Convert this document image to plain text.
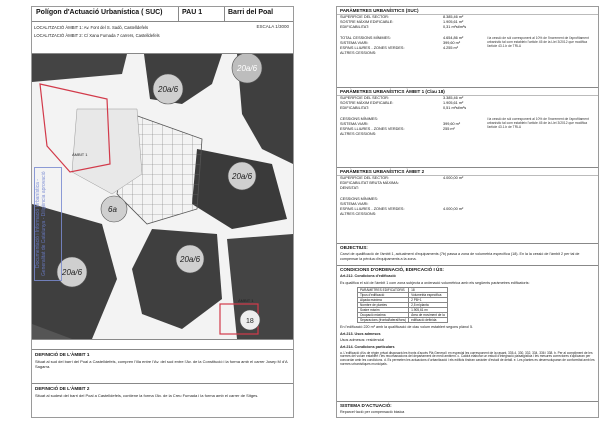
Polígon d'Actuació Urbanística ( SUC)	PAU 1	Barri del Poal
LOCALITZACIÓ ÀMBIT 1: Av. Font del S. Sadó, Castelldefels
LOCALITZACIÓ ÀMBIT 2: C/ Xana Fumada 7 carrers, Castelldefels
ESCALA 1/3000
20a/6
20a/6
6a
20a/6
20a/6
20a/6
18
ÀMBIT 1
ÀMBIT 1
Documentació i Informació Urbanística - Generalitat de Catalunya - Diligència aprovació
DEFINICIÓ DE L'ÀMBIT 1
Situat al sud del barri del Poal a Castelldefels, compren l'illa entre l'Av. del sud entre l'Av. de la Constitució i la forma amb el carrer Josep M d'A Sagarra.
DEFINICIÓ DE L'ÀMBIT 2
Situat al sudest del barri del Poal a Castelldefels, contiene la forma l'Av. de la Creu Fumada i la forma amb el carrer de Sitges.
PARÀMETRES URBANÍSTICS (SUC)
SUPERFÍCIE DEL SECTOR:	8.385,46 m²
SOSTRE MÀXIM EDIFICABLE:	1.905,61 m²
EDIFICABILITAT:	0,31 m²st/m²s
TOTAL CESSIONS MÍNIMES:	4.654,86 m²	i la cessió de sòl corresponent al 10% de l'increment de l'aprofitament urbanístic tal com estableix l'article 45 de la Llei 3/2012 que modifica l'article 43.1.b de TRLU
SISTEMA VIARI:	399,60 m²
ESPAIS LLIURES - ZONES VERDES:	4.255 m²
ALTRES CESSIONS:
PARÀMETRES URBANÍSTICS ÀMBIT 1 (Clau 18)
SUPERFÍCIE DEL SECTOR:	3.385,46 m²
SOSTRE MÀXIM EDIFICABLE:	1.905,61 m²
EDIFICABILITAT:	0,51 m²st/m²s
CESSIONS MÍNIMES:	i la cessió de sòl corresponent al 10% de l'increment de l'aprofitament urbanístic tal com estableix l'article 45 de la Llei 3/2012 que modifica l'article 43.1.b de TRLU
SISTEMA VIARI:	399,60 m²
ESPAIS LLIURES - ZONES VERDES:	255 m²
ALTRES CESSIONS:
PARÀMETRES URBANÍSTICS ÀMBIT 2
SUPERFÍCIE DEL SECTOR:	4.000,00 m²
EDIFICABILITAT BRUTA MÀXIMA:
DENSITAT:
CESSIONS MÍNIMES:
SISTEMA VIARI:
ESPAIS LLIURES - ZONES VERDES:	4.000,00 m²
ALTRES CESSIONS:
OBJECTIUS:
Canvi de qualificació de l'àmbit 1, actualment d'equipaments (7b) passa a zona de volumetria específica (18). En la la cessió de l'àmbit 2 per tal de compensar la pèrdua d'equipaments a la zona.
CONDICIONS D'ORDENACIÓ, EDIFICACIÓ I ÚS:
Art.212. Condicions d'edificació
Es qualifica el sòl de l'àmbit 1 com zona subjecta a ordenació volumètrica amb els següents paràmetres edificatoris:
PARÀMETRES EDIFICATORIS	18
Tipus d'edificació	Volumetria específica
Alçada màxima	2 PB+1
Nombre de plantes	2,5 m/planta
Sostre màxim	1.905,61 m²
Ocupació màxima	Àrea de moviment de la
Separacions (frontal/lateral/fons)	edificació definida
En l'edificació 220 m² amb la qualificació de clau volum establert segons plànol 5.
Art.213. Usos admesos
Usos admesos: residencial
Art.214. Condicions particulars
a. L'edificació d'ús de règim privat disposarà les fronts d'accés Plà General i en especial les corresponent de la rasant, 335-4, 330, 332, 334, 336 i 338. b. Per al compliment de les normes del volum establert i les recomanacions del departament de medi ambient. c. Caldrà elaborar un estudi d'integració paisatgística i les mesures correctores s'aplicaran per concordar amb les condicions. d. Es permeten les actuacions d'urbanització i els edificis tindran caràcter d'estudi de detall. e. Les plantes es desenvoluparan de conformitat amb les normes urbanístiques municipals.
SISTEMA D'ACTUACIÓ:
Reparcel·lació per compensació bàsica
